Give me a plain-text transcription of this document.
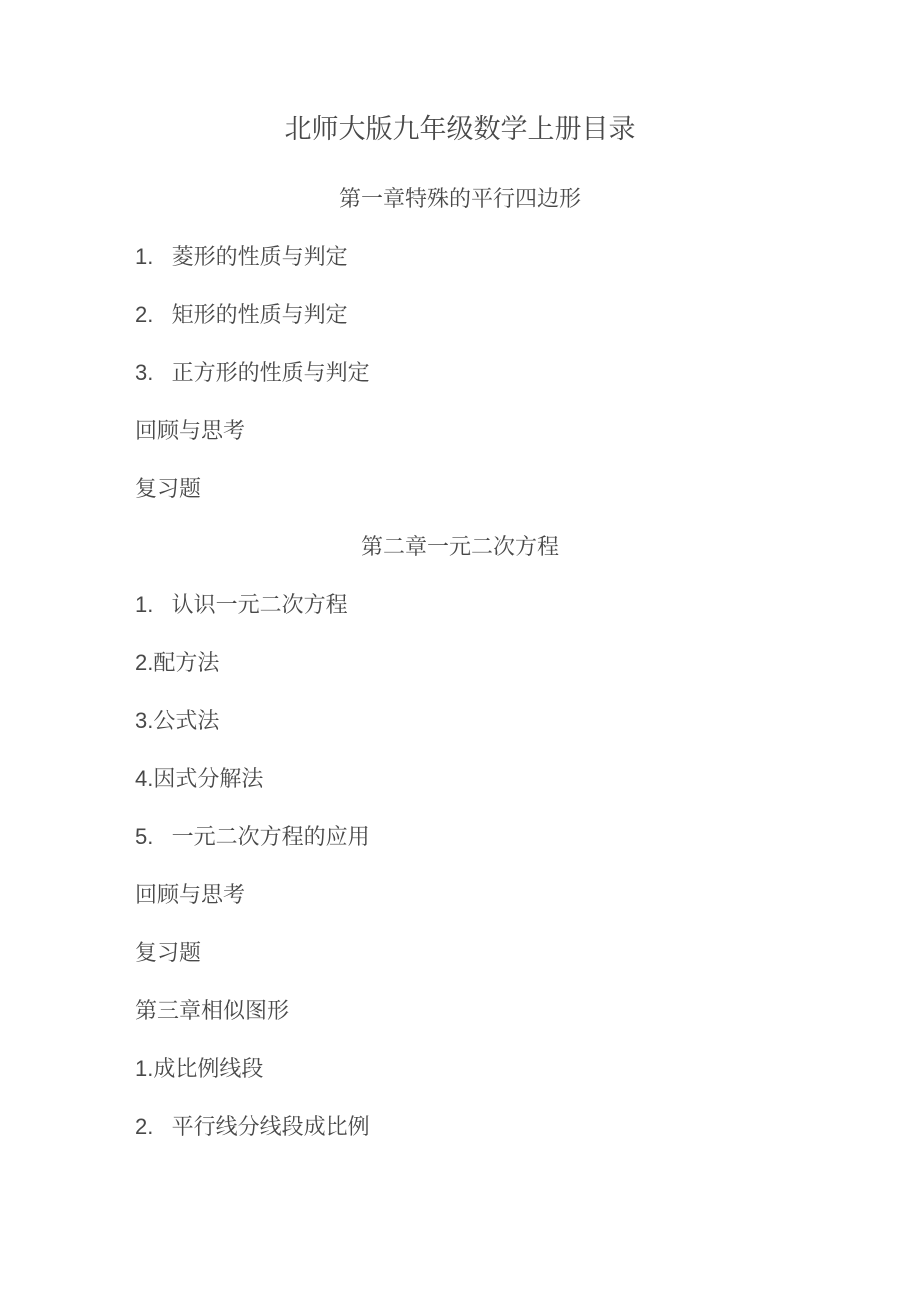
北师大版九年级数学上册目录
第一章特殊的平行四边形
1.   菱形的性质与判定
2.   矩形的性质与判定
3.   正方形的性质与判定
回顾与思考
复习题
第二章一元二次方程
1.   认识一元二次方程
2.配方法
3.公式法
4.因式分解法
5.   一元二次方程的应用
回顾与思考
复习题
第三章相似图形
1.成比例线段
2.   平行线分线段成比例
